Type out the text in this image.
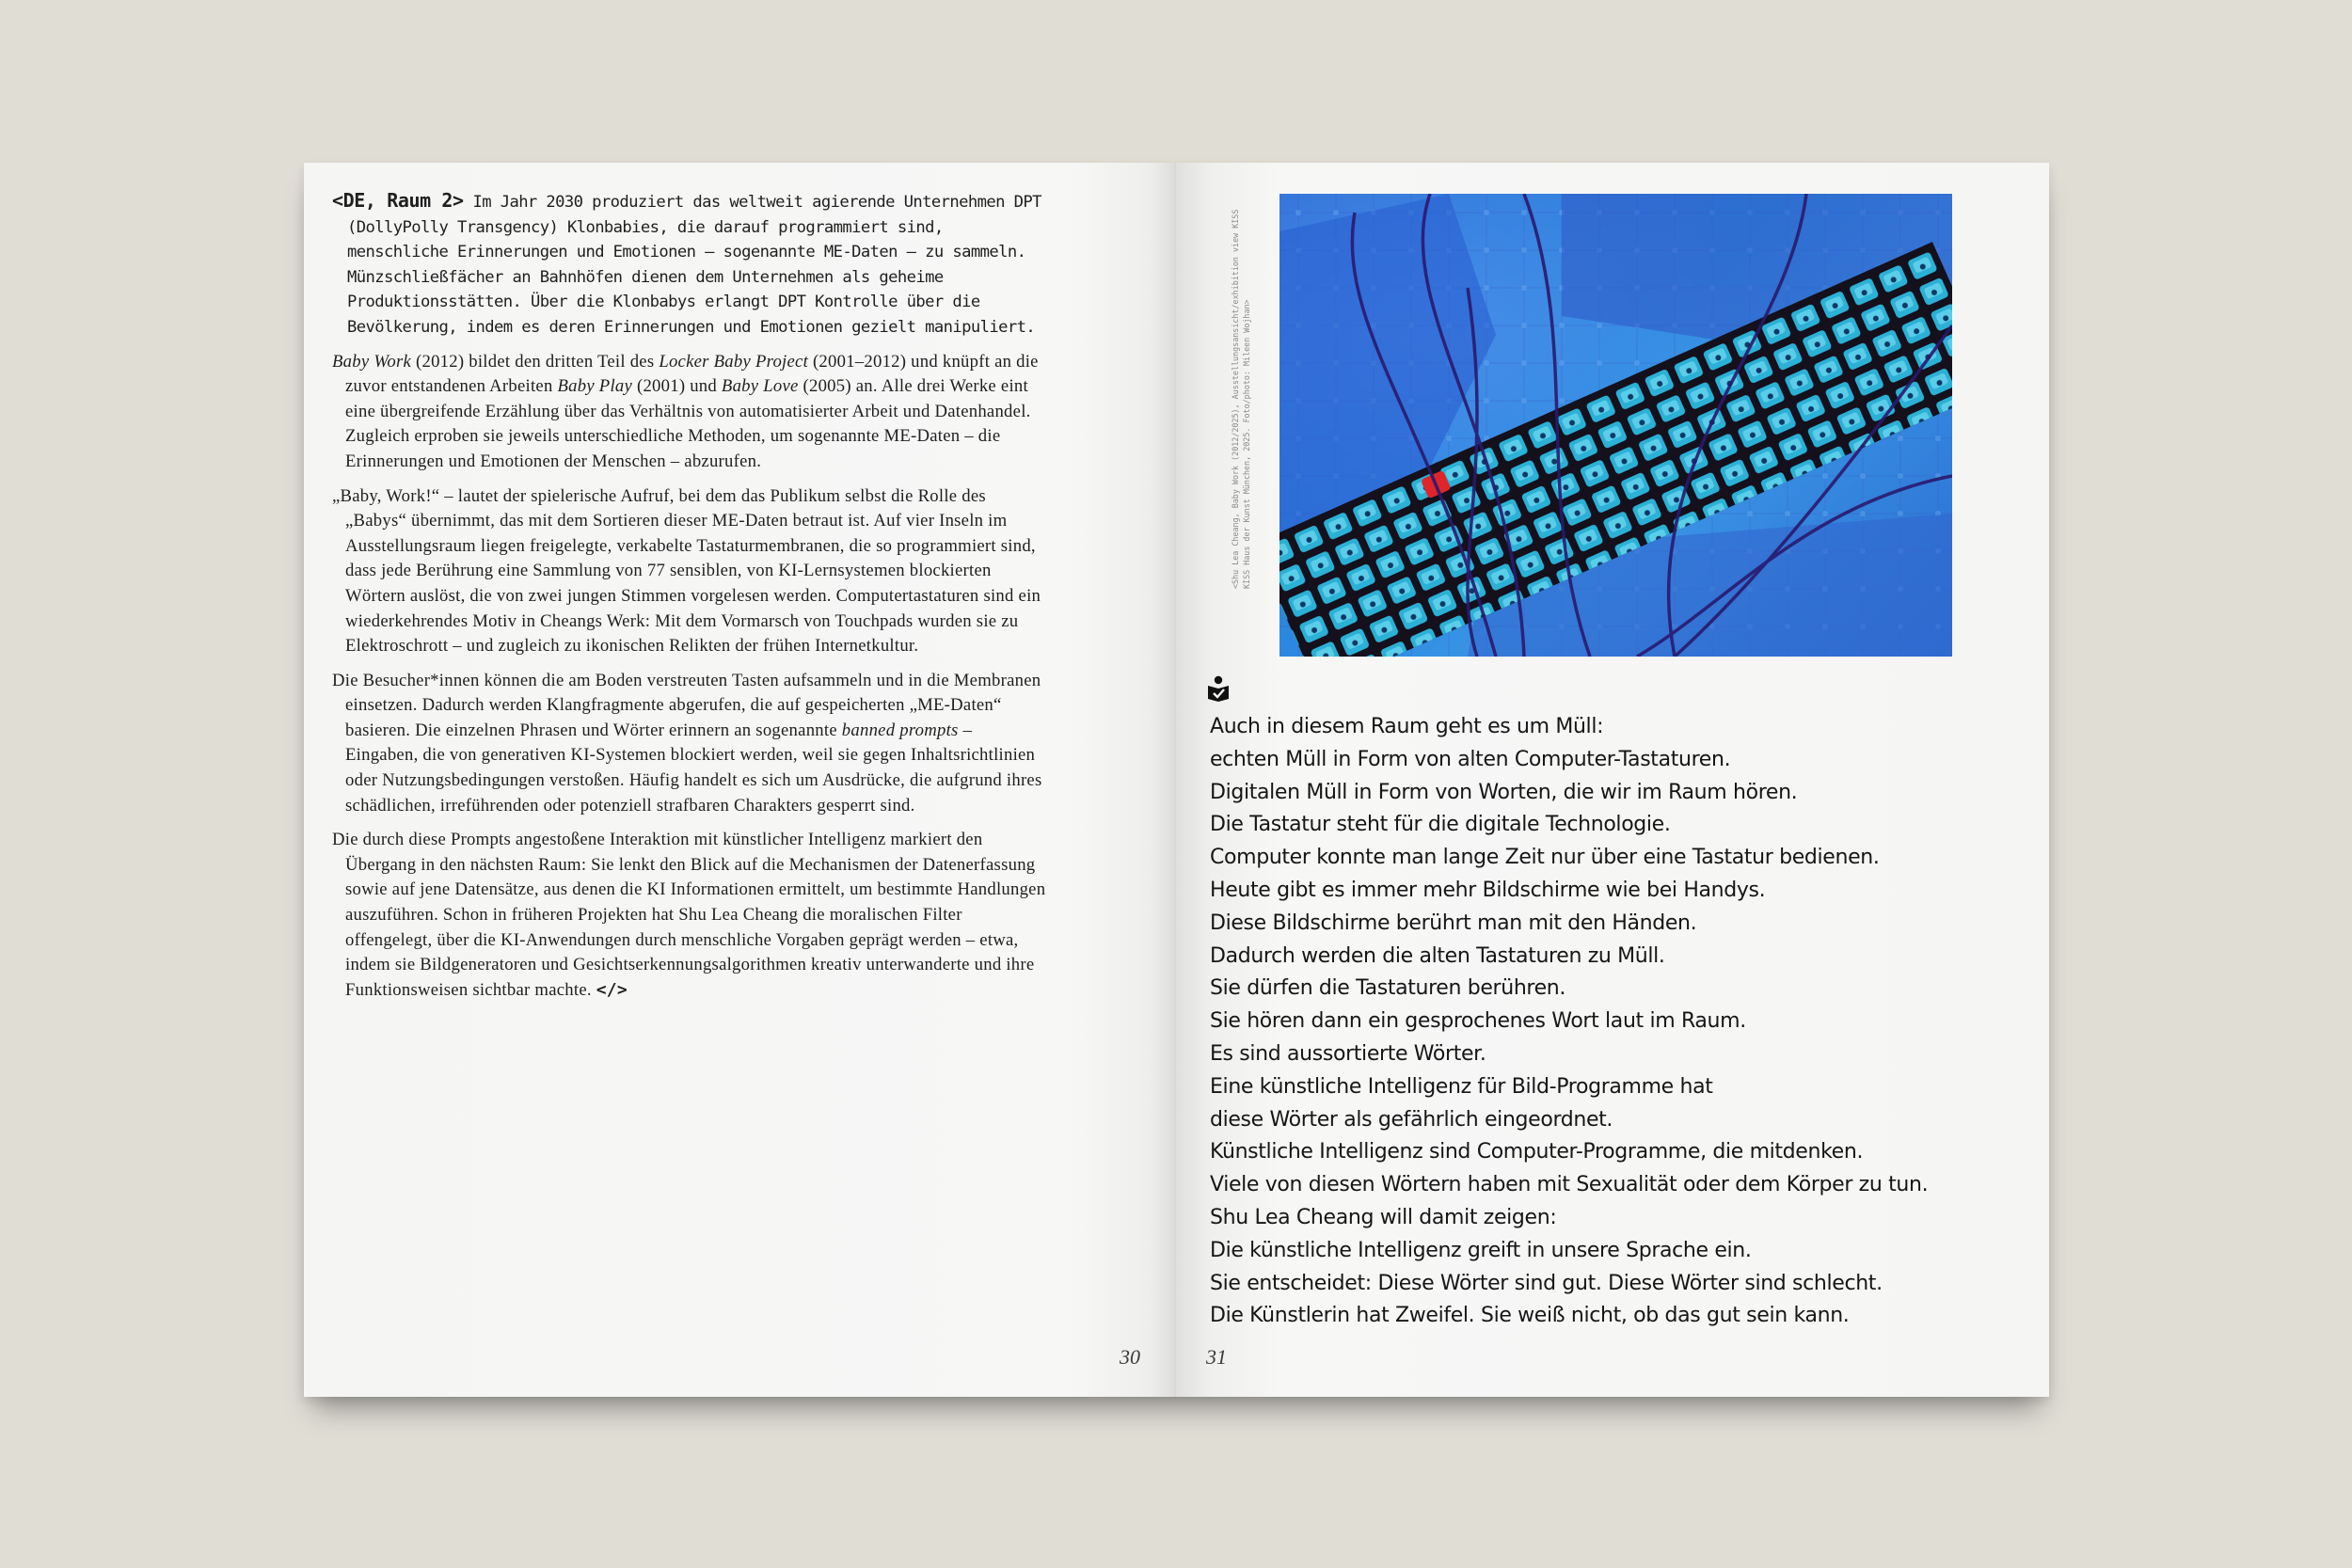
<DE, Raum 2> Im Jahr 2030 produziert das weltweit agierende Unternehmen DPT (DollyPolly Transgency) Klonbabies, die darauf programmiert sind, menschliche Erinnerungen und Emotionen – sogenannte ME-Daten – zu sammeln. Münzschließfächer an Bahnhöfen dienen dem Unternehmen als geheime Produktionsstätten. Über die Klonbabys erlangt DPT Kontrolle über die Bevölkerung, indem es deren Erinnerungen und Emotionen gezielt manipuliert.

Baby Work (2012) bildet den dritten Teil des Locker Baby Project (2001–2012) und knüpft an die zuvor entstandenen Arbeiten Baby Play (2001) und Baby Love (2005) an. Alle drei Werke eint eine übergreifende Erzählung über das Verhältnis von automatisierter Arbeit und Datenhandel. Zugleich erproben sie jeweils unterschiedliche Methoden, um sogenannte ME-Daten – die Erinnerungen und Emotionen der Menschen – abzurufen.

„Baby, Work!“ – lautet der spielerische Aufruf, bei dem das Publikum selbst die Rolle des „Babys“ übernimmt, das mit dem Sortieren dieser ME-Daten betraut ist. Auf vier Inseln im Ausstellungsraum liegen freigelegte, verkabelte Tastaturmembranen, die so programmiert sind, dass jede Berührung eine Sammlung von 77 sensiblen, von KI-Lernsystemen blockierten Wörtern auslöst, die von zwei jungen Stimmen vorgelesen werden. Computertastaturen sind ein wiederkehrendes Motiv in Cheangs Werk: Mit dem Vormarsch von Touchpads wurden sie zu Elektroschrott – und zugleich zu ikonischen Relikten der frühen Internetkultur.

Die Besucher*innen können die am Boden verstreuten Tasten aufsammeln und in die Membranen einsetzen. Dadurch werden Klangfragmente abgerufen, die auf gespeicherten „ME-Daten“ basieren. Die einzelnen Phrasen und Wörter erinnern an sogenannte banned prompts – Eingaben, die von generativen KI-Systemen blockiert werden, weil sie gegen Inhaltsrichtlinien oder Nutzungsbedingungen verstoßen. Häufig handelt es sich um Ausdrücke, die aufgrund ihres schädlichen, irreführenden oder potenziell strafbaren Charakters gesperrt sind.

Die durch diese Prompts angestoßene Interaktion mit künstlicher Intelligenz markiert den Übergang in den nächsten Raum: Sie lenkt den Blick auf die Mechanismen der Datenerfassung sowie auf jene Datensätze, aus denen die KI Informationen ermittelt, um bestimmte Handlungen auszuführen. Schon in früheren Projekten hat Shu Lea Cheang die moralischen Filter offengelegt, über die KI-Anwendungen durch menschliche Vorgaben geprägt werden – etwa, indem sie Bildgeneratoren und Gesichtserkennungsalgorithmen kreativ unterwanderte und ihre Funktionsweisen sichtbar machte. </>

30
<Shu Lea Cheang, Baby Work (2012/2025), Ausstellungsansicht/exhibition view KISS KISS Haus der Kunst München, 2025. Foto/photo: Mileen Wojhan>
Auch in diesem Raum geht es um Müll:
echten Müll in Form von alten Computer-Tastaturen.
Digitalen Müll in Form von Worten, die wir im Raum hören.
Die Tastatur steht für die digitale Technologie.
Computer konnte man lange Zeit nur über eine Tastatur bedienen.
Heute gibt es immer mehr Bildschirme wie bei Handys.
Diese Bildschirme berührt man mit den Händen.
Dadurch werden die alten Tastaturen zu Müll.
Sie dürfen die Tastaturen berühren.
Sie hören dann ein gesprochenes Wort laut im Raum.
Es sind aussortierte Wörter.
Eine künstliche Intelligenz für Bild-Programme hat
diese Wörter als gefährlich eingeordnet.
Künstliche Intelligenz sind Computer-Programme, die mitdenken.
Viele von diesen Wörtern haben mit Sexualität oder dem Körper zu tun.
Shu Lea Cheang will damit zeigen:
Die künstliche Intelligenz greift in unsere Sprache ein.
Sie entscheidet: Diese Wörter sind gut. Diese Wörter sind schlecht.
Die Künstlerin hat Zweifel. Sie weiß nicht, ob das gut sein kann.
31
